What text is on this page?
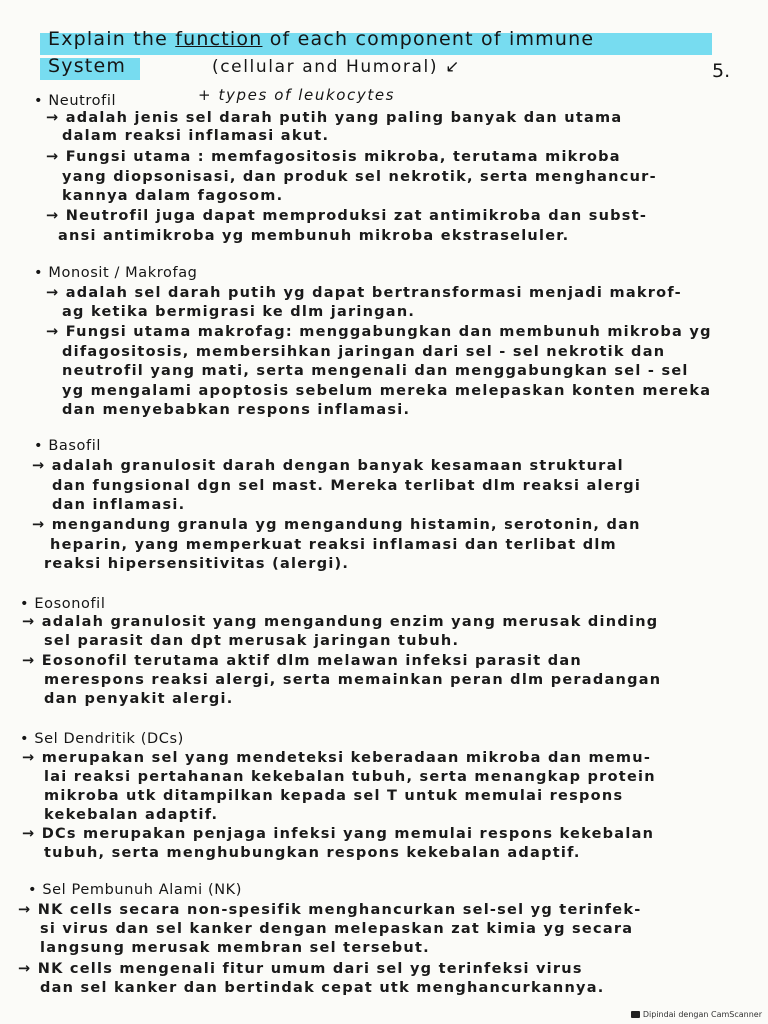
Explain the function of each component of immune
System	(cellular and Humoral) ↙	5.
+ types of leukocytes
• Neutrofil
→ adalah jenis sel darah putih yang paling banyak dan utama
dalam reaksi inflamasi akut.
→ Fungsi utama : memfagositosis mikroba, terutama mikroba
yang diopsonisasi, dan produk sel nekrotik, serta menghancur-
kannya dalam fagosom.
→ Neutrofil juga dapat memproduksi zat antimikroba dan subst-
ansi antimikroba yg membunuh mikroba ekstraseluler.
• Monosit / Makrofag
→ adalah sel darah putih yg dapat bertransformasi menjadi makrof-
ag ketika bermigrasi ke dlm jaringan.
→ Fungsi utama makrofag: menggabungkan dan membunuh mikroba yg
difagositosis, membersihkan jaringan dari sel - sel nekrotik dan
neutrofil yang mati, serta mengenali dan menggabungkan sel - sel
yg mengalami apoptosis sebelum mereka melepaskan konten mereka
dan menyebabkan respons inflamasi.
• Basofil
→ adalah granulosit darah dengan banyak kesamaan struktural
dan fungsional dgn sel mast. Mereka terlibat dlm reaksi alergi
dan inflamasi.
→ mengandung granula yg mengandung histamin, serotonin, dan
heparin, yang memperkuat reaksi inflamasi dan terlibat dlm
reaksi hipersensitivitas (alergi).
• Eosonofil
→ adalah granulosit yang mengandung enzim yang merusak dinding
sel parasit dan dpt merusak jaringan tubuh.
→ Eosonofil terutama aktif dlm melawan infeksi parasit dan
merespons reaksi alergi, serta memainkan peran dlm peradangan
dan penyakit alergi.
• Sel Dendritik (DCs)
→ merupakan sel yang mendeteksi keberadaan mikroba dan memu-
lai reaksi pertahanan kekebalan tubuh, serta menangkap protein
mikroba utk ditampilkan kepada sel T untuk memulai respons
kekebalan adaptif.
→ DCs merupakan penjaga infeksi yang memulai respons kekebalan
tubuh, serta menghubungkan respons kekebalan adaptif.
• Sel Pembunuh Alami (NK)
→ NK cells secara non-spesifik menghancurkan sel-sel yg terinfek-
si virus dan sel kanker dengan melepaskan zat kimia yg secara
langsung merusak membran sel tersebut.
→ NK cells mengenali fitur umum dari sel yg terinfeksi virus
dan sel kanker dan bertindak cepat utk menghancurkannya.
Dipindai dengan CamScanner
